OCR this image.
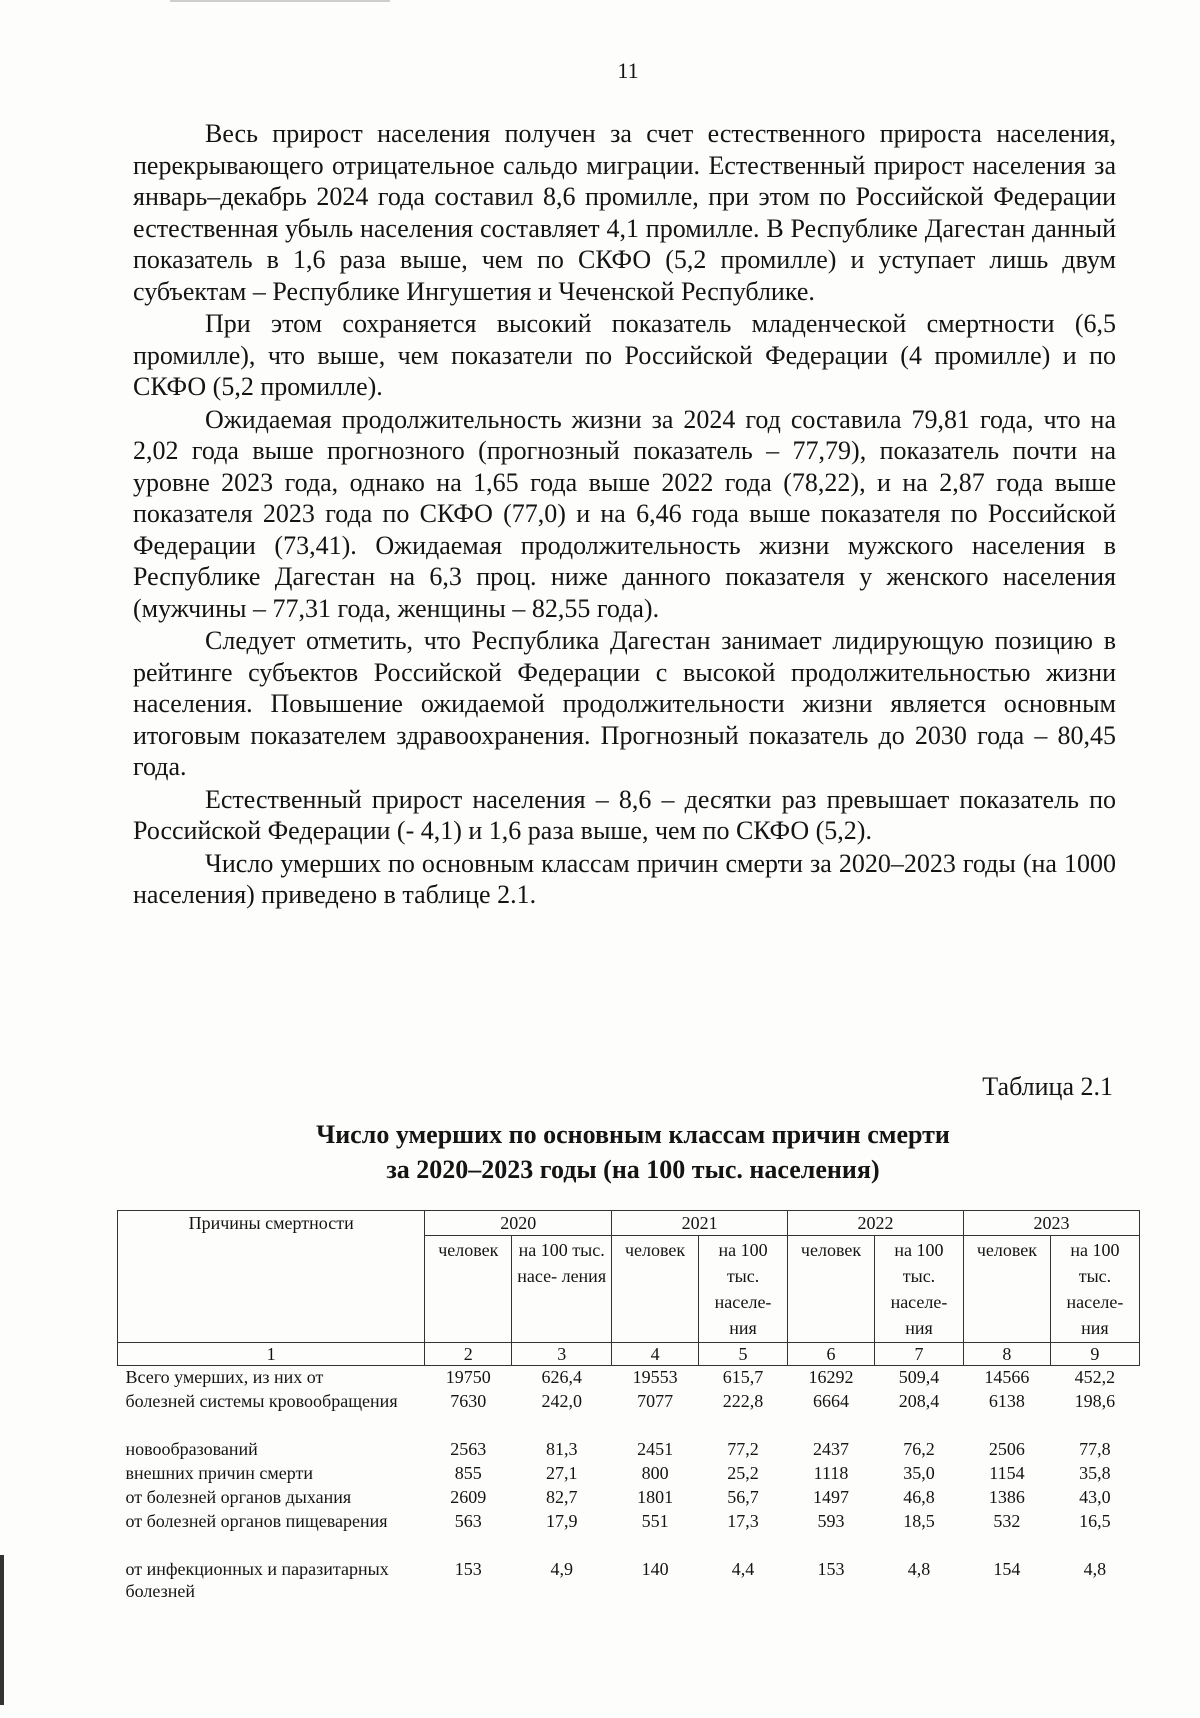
11

Весь прирост населения получен за счет естественного прироста населения, перекрывающего отрицательное сальдо миграции. Естественный прирост населения за январь–декабрь 2024 года составил 8,6 промилле, при этом по Российской Федерации естественная убыль населения составляет 4,1 промилле. В Республике Дагестан данный показатель в 1,6 раза выше, чем по СКФО (5,2 промилле) и уступает лишь двум субъектам – Республике Ингушетия и Чеченской Республике.

При этом сохраняется высокий показатель младенческой смертности (6,5 промилле), что выше, чем показатели по Российской Федерации (4 промилле) и по СКФО (5,2 промилле).

Ожидаемая продолжительность жизни за 2024 год составила 79,81 года, что на 2,02 года выше прогнозного (прогнозный показатель – 77,79), показатель почти на уровне 2023 года, однако на 1,65 года выше 2022 года (78,22), и на 2,87 года выше показателя 2023 года по СКФО (77,0) и на 6,46 года выше показателя по Российской Федерации (73,41). Ожидаемая продолжительность жизни мужского населения в Республике Дагестан на 6,3 проц. ниже данного показателя у женского населения (мужчины – 77,31 года, женщины – 82,55 года).

Следует отметить, что Республика Дагестан занимает лидирующую позицию в рейтинге субъектов Российской Федерации с высокой продолжительностью жизни населения. Повышение ожидаемой продолжительности жизни является основным итоговым показателем здравоохранения. Прогнозный показатель до 2030 года – 80,45 года.

Естественный прирост населения – 8,6 – десятки раз превышает показатель по Российской Федерации (- 4,1) и 1,6 раза выше, чем по СКФО (5,2).

Число умерших по основным классам причин смерти за 2020–2023 годы (на 1000 населения) приведено в таблице 2.1.

Таблица 2.1
Число умерших по основным классам причин смерти
за 2020–2023 годы (на 100 тыс. населения)
Причины смертности	2020		2021		2022		2023	
	человек	на 100 тыс. насе- ления	человек	на 100 тыс. населе- ния	человек	на 100 тыс. населе- ния	человек	на 100 тыс. населе- ния
1	2	3	4	5	6	7	8	9
Всего умерших, из них от	19750	626,4	19553	615,7	16292	509,4	14566	452,2
болезней системы кровообращения	7630	242,0	7077	222,8	6664	208,4	6138	198,6
новообразований	2563	81,3	2451	77,2	2437	76,2	2506	77,8
внешних причин смерти	855	27,1	800	25,2	1118	35,0	1154	35,8
от болезней органов дыхания	2609	82,7	1801	56,7	1497	46,8	1386	43,0
от болезней органов пищеварения	563	17,9	551	17,3	593	18,5	532	16,5
от инфекционных и паразитарных болезней	153	4,9	140	4,4	153	4,8	154	4,8
